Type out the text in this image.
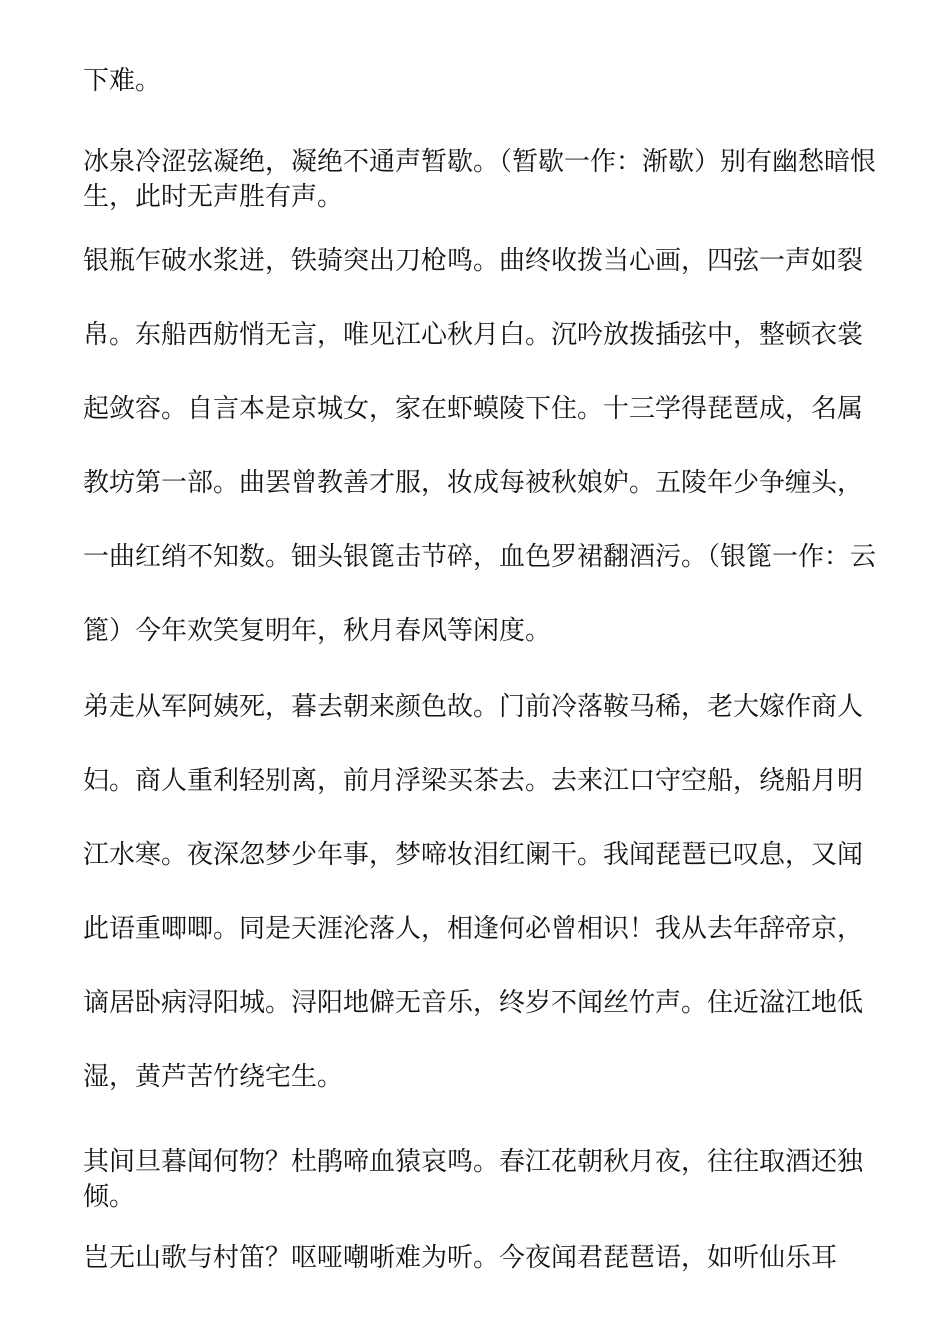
下难。

冰泉冷涩弦凝绝，凝绝不通声暂歇。（暂歇一作：渐歇）别有幽愁暗恨生，此时无声胜有声。

银瓶乍破水浆迸，铁骑突出刀枪鸣。曲终收拨当心画，四弦一声如裂帛。东船西舫悄无言，唯见江心秋月白。沉吟放拨插弦中，整顿衣裳起敛容。自言本是京城女，家在虾蟆陵下住。十三学得琵琶成，名属教坊第一部。曲罢曾教善才服，妆成每被秋娘妒。五陵年少争缠头，一曲红绡不知数。钿头银篦击节碎，血色罗裙翻酒污。（银篦一作：云篦）今年欢笑复明年，秋月春风等闲度。

弟走从军阿姨死，暮去朝来颜色故。门前冷落鞍马稀，老大嫁作商人妇。商人重利轻别离，前月浮梁买茶去。去来江口守空船，绕船月明江水寒。夜深忽梦少年事，梦啼妆泪红阑干。我闻琵琶已叹息，又闻此语重唧唧。同是天涯沦落人，相逢何必曾相识！我从去年辞帝京，谪居卧病浔阳城。浔阳地僻无音乐，终岁不闻丝竹声。住近湓江地低湿，黄芦苦竹绕宅生。

其间旦暮闻何物？杜鹃啼血猿哀鸣。春江花朝秋月夜，往往取酒还独倾。

岂无山歌与村笛？呕哑嘲哳难为听。今夜闻君琵琶语，如听仙乐耳
